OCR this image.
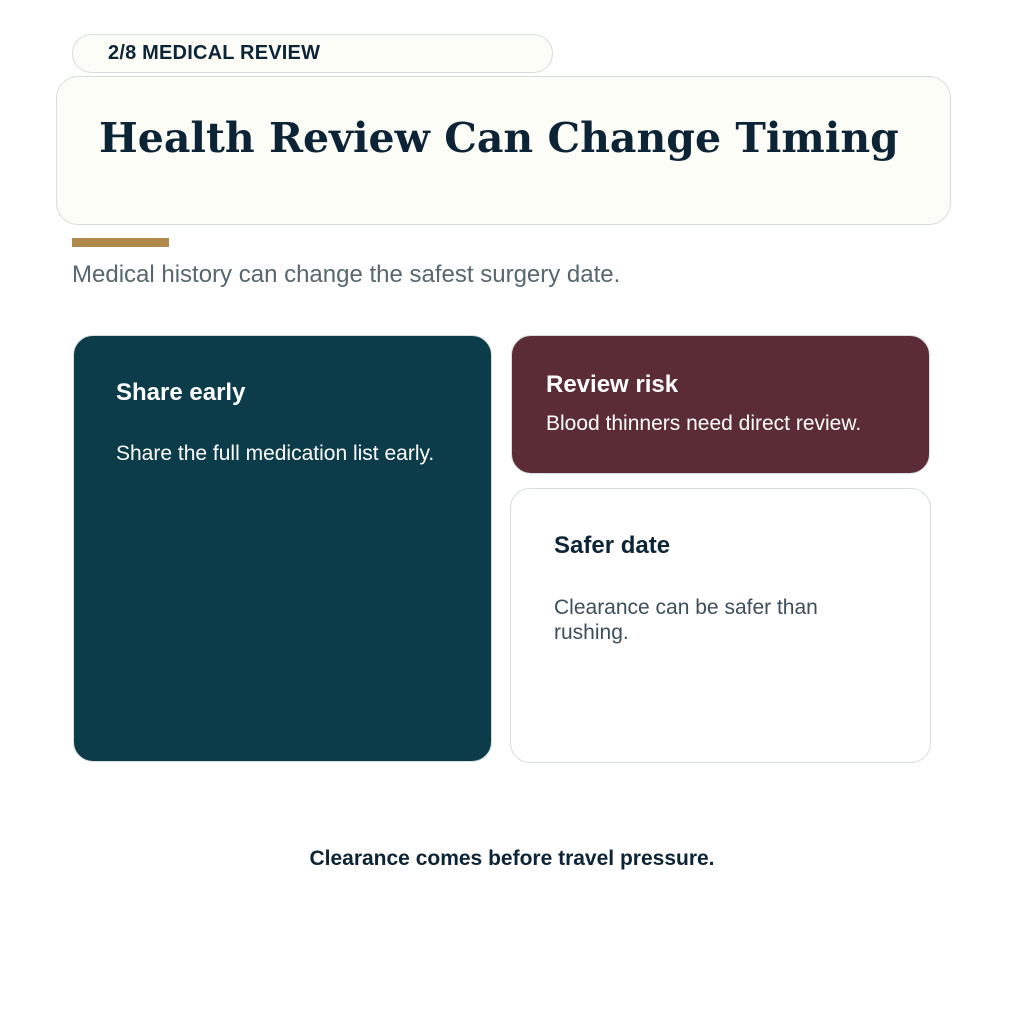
2/8 MEDICAL REVIEW
Health Review Can Change Timing

Medical history can change the safest surgery date.

Share early

Share the full medication list early.

Review risk

Blood thinners need direct review.

Safer date

Clearance can be safer than rushing.

Clearance comes before travel pressure.
